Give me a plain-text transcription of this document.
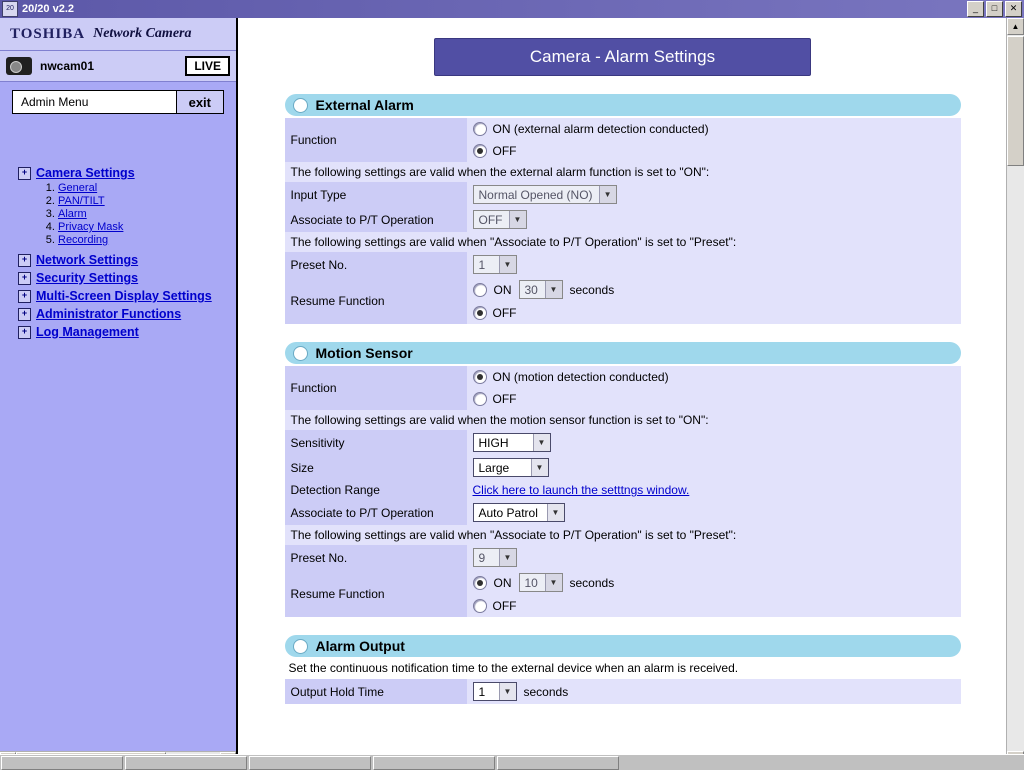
20 20/20 v2.2	_	□	✕
TOSHIBA Network Camera
nwcam01	LIVE
Admin Menu	exit
+ Camera Settings
1. General
2. PAN/TILT
3. Alarm
4. Privacy Mask
5. Recording
+ Network Settings
+ Security Settings
+ Multi-Screen Display Settings
+ Administrator Functions
+ Log Management
Camera - Alarm Settings
External Alarm
Function	ON (external alarm detection conducted)

	OFF

The following settings are valid when the external alarm function is set to "ON":	
Input Type	Normal Opened (NO) ▼

Associate to P/T Operation	OFF ▼

The following settings are valid when "Associate to P/T Operation" is set to "Preset":	
Preset No.	1 ▼

Resume Function	ON 30 ▼ seconds

	OFF
Motion Sensor
Function	ON (motion detection conducted)

	OFF

The following settings are valid when the motion sensor function is set to "ON":	
Sensitivity	HIGH ▼

Size	Large ▼

Detection Range	Click here to launch the setttngs window.
Associate to P/T Operation	Auto Patrol ▼

The following settings are valid when "Associate to P/T Operation" is set to "Preset":	
Preset No.	9 ▼

Resume Function	ON 10 ▼ seconds

	OFF
Alarm Output
Set the continuous notification time to the external device when an alarm is received.
Output Hold Time	1	▼	seconds
▲
